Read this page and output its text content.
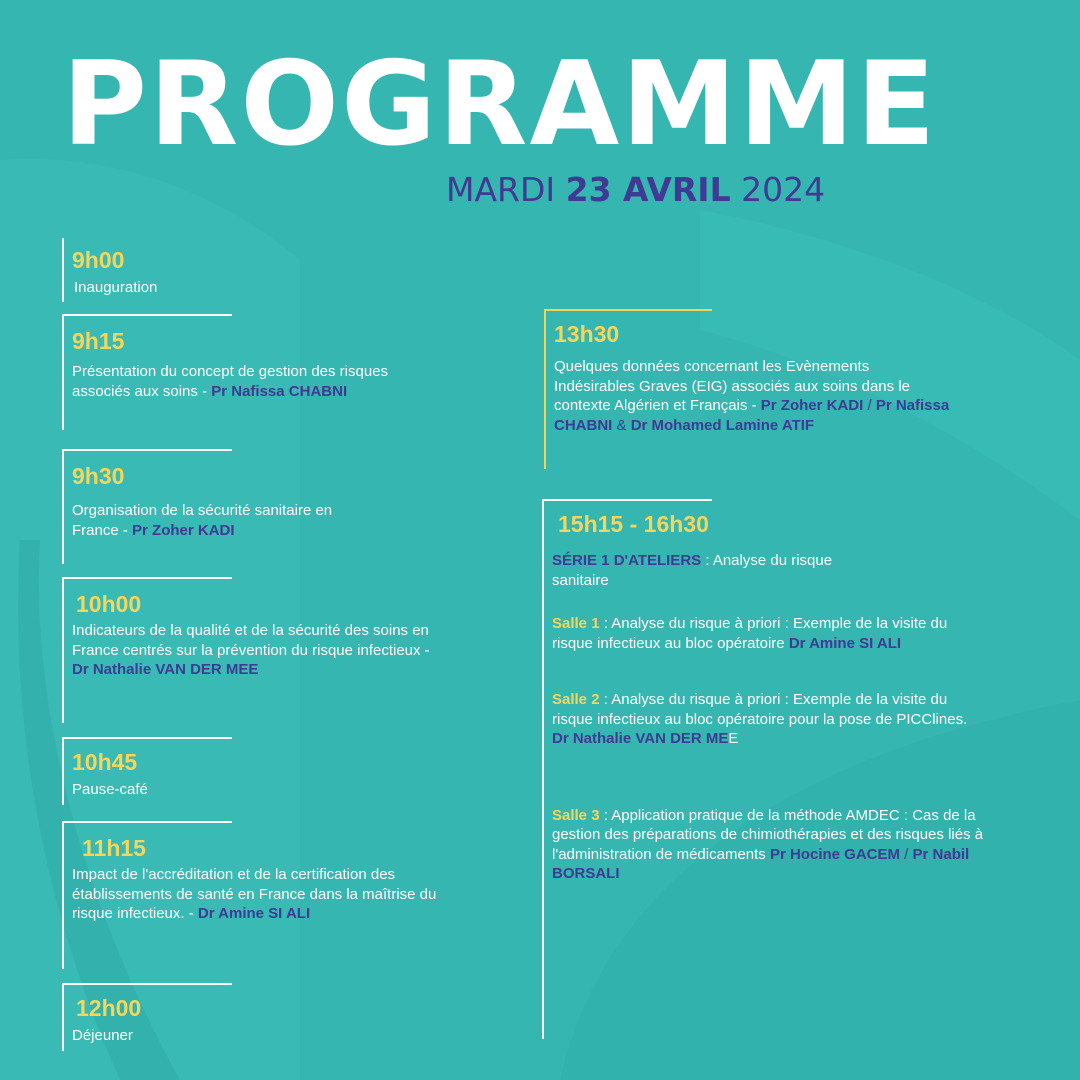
PROGRAMME
MARDI 23 AVRIL 2024
9h00
Inauguration
9h15
Présentation du concept de gestion des risques associés aux soins - Pr Nafissa CHABNI
9h30
Organisation de la sécurité sanitaire en France - Pr Zoher KADI
10h00
Indicateurs de la qualité et de la sécurité des soins en France centrés sur la prévention du risque infectieux - Dr Nathalie VAN DER MEE
10h45
Pause-café
11h15
Impact de l'accréditation et de la certification des établissements de santé en France dans la maîtrise du risque infectieux. - Dr Amine SI ALI
12h00
Déjeuner
13h30
Quelques données concernant les Evènements Indésirables Graves (EIG) associés aux soins dans le contexte Algérien et Français - Pr Zoher KADI / Pr Nafissa CHABNI & Dr Mohamed Lamine ATIF
15h15 - 16h30
SÉRIE 1 D'ATELIERS : Analyse du risque sanitaire
Salle 1 : Analyse du risque à priori : Exemple de la visite du risque infectieux au bloc opératoire Dr Amine SI ALI
Salle 2 : Analyse du risque à priori : Exemple de la visite du risque infectieux au bloc opératoire pour la pose de PICClines. Dr Nathalie VAN DER MEE
Salle 3 : Application pratique de la méthode AMDEC : Cas de la gestion des préparations de chimiothérapies et des risques liés à l'administration de médicaments Pr Hocine GACEM / Pr Nabil BORSALI
